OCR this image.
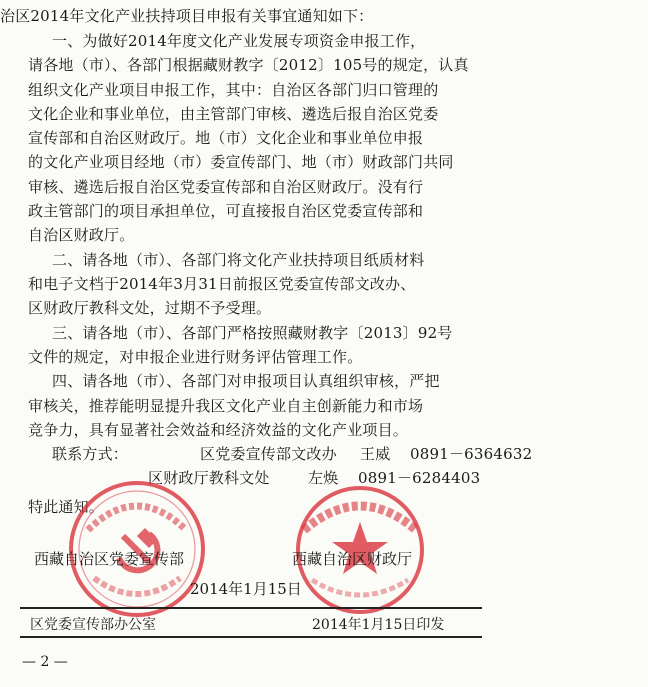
治区2014年文化产业扶持项目申报有关事宜通知如下：
一、为做好2014年度文化产业发展专项资金申报工作，
请各地（市）、各部门根据藏财教字〔2012〕105号的规定，认真
组织文化产业项目申报工作，其中：自治区各部门归口管理的
文化企业和事业单位，由主管部门审核、遴选后报自治区党委
宣传部和自治区财政厅。地（市）文化企业和事业单位申报
的文化产业项目经地（市）委宣传部门、地（市）财政部门共同
审核、遴选后报自治区党委宣传部和自治区财政厅。没有行
政主管部门的项目承担单位，可直接报自治区党委宣传部和
自治区财政厅。
二、请各地（市）、各部门将文化产业扶持项目纸质材料
和电子文档于2014年3月31日前报区党委宣传部文改办、
区财政厅教科文处，过期不予受理。
三、请各地（市）、各部门严格按照藏财教字〔2013〕92号
文件的规定，对申报企业进行财务评估管理工作。
四、请各地（市）、各部门对申报项目认真组织审核，严把
审核关，推荐能明显提升我区文化产业自主创新能力和市场
竞争力，具有显著社会效益和经济效益的文化产业项目。
联系方式：	区党委宣传部文改办 王威 0891－6364632
区财政厅教科文处	左焕 0891－6284403
特此通知。
西藏自治区党委宣传部	西藏自治区财政厅
2014年1月15日
区党委宣传部办公室	2014年1月15日印发
— 2 —
